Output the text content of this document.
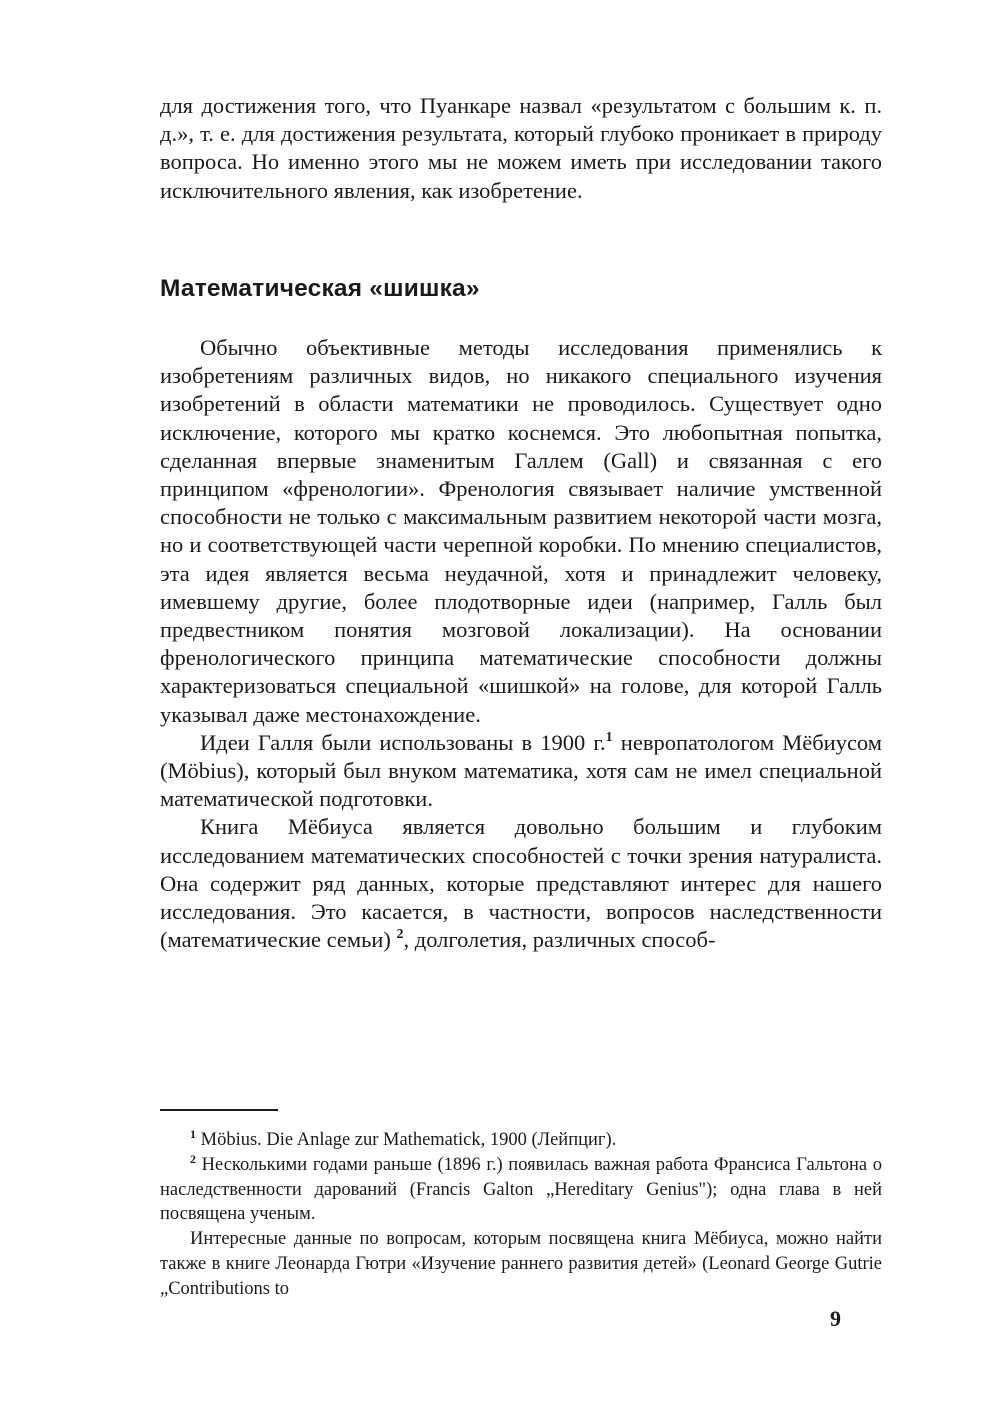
для достижения того, что Пуанкаре назвал «результатом с большим к. п. д.», т. е. для достижения результата, который глубоко проникает в природу вопроса. Но именно этого мы не можем иметь при исследовании такого исключительного явления, как изобретение.

Математическая «шишка»

Обычно объективные методы исследования применялись к изобретениям различных видов, но никакого специального изучения изобретений в области математики не проводилось. Существует одно исключение, которого мы кратко коснемся. Это любопытная попытка, сделанная впервые знаменитым Галлем (Gall) и связанная с его принципом «френологии». Френология связывает наличие умственной способности не только с максимальным развитием некоторой части мозга, но и соответствующей части черепной коробки. По мнению специалистов, эта идея является весьма неудачной, хотя и принадлежит человеку, имевшему другие, более плодотворные идеи (например, Галль был предвестником понятия мозговой локализации). На основании френологического принципа математические способности должны характеризоваться специальной «шишкой» на голове, для которой Галль указывал даже местонахождение.

Идеи Галля были использованы в 1900 г.$^1$ невропатологом Мёбиусом (Möbius), который был внуком математика, хотя сам не имел специальной математической подготовки.

Книга Мёбиуса является довольно большим и глубоким исследованием математических способностей с точки зрения натуралиста. Она содержит ряд данных, которые представляют интерес для нашего исследования. Это касается, в частности, вопросов наследственности (математические семьи) $^2$, долголетия, различных способ-

$^1$ Möbius. Die Anlage zur Mathematick, 1900 (Лейпциг).

$^2$ Несколькими годами раньше (1896 г.) появилась важная работа Франсиса Гальтона о наследственности дарований (Francis Galton „Hereditary Genius"); одна глава в ней посвящена ученым.

Интересные данные по вопросам, которым посвящена книга Мёбиуса, можно найти также в книге Леонарда Гютри «Изучение раннего развития детей» (Leonard George Gutrie „Contributions to

9
